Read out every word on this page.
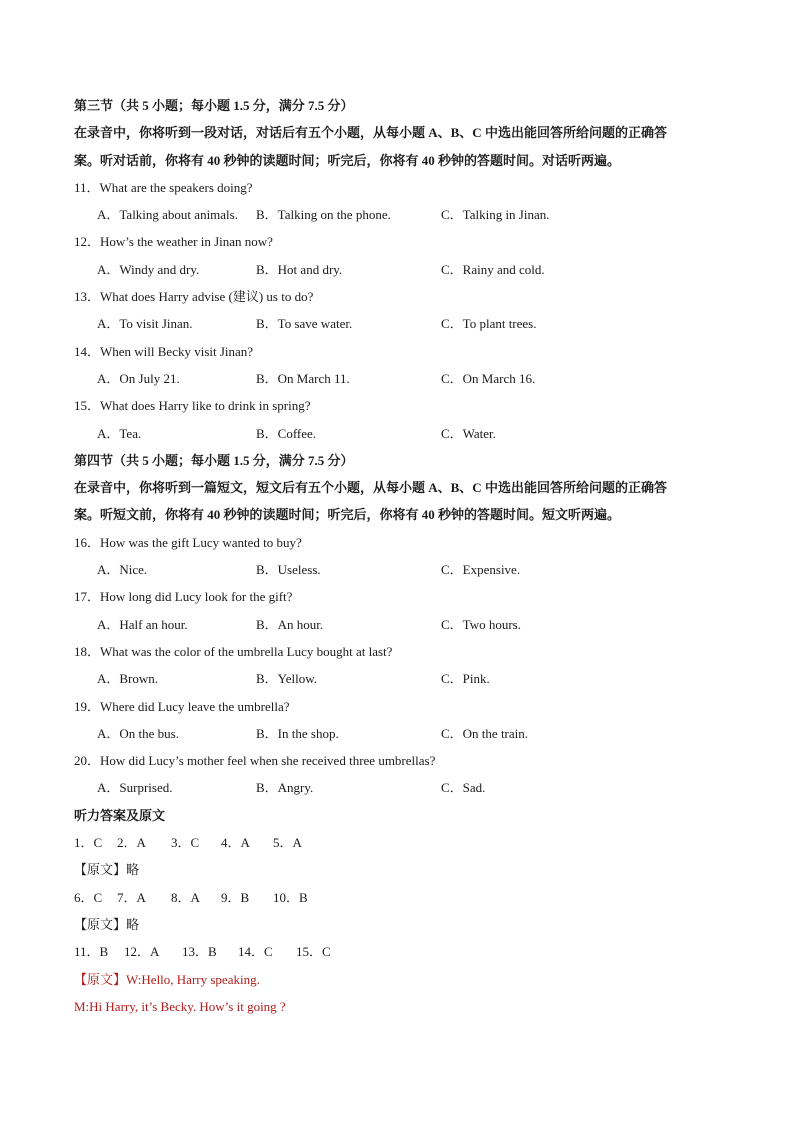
第三节（共 5 小题；每小题 1.5 分，满分 7.5 分）
在录音中，你将听到一段对话，对话后有五个小题，从每小题 A、B、C 中选出能回答所给问题的正确答
案。听对话前，你将有 40 秒钟的读题时间；听完后，你将有 40 秒钟的答题时间。对话听两遍。
11．What are the speakers doing?
A．Talking about animals. B．Talking on the phone.	C．Talking in Jinan.
12．How’s the weather in Jinan now?
A．Windy and dry.	B．Hot and dry.	C．Rainy and cold.
13．What does Harry advise (建议) us to do?
A．To visit Jinan.	B．To save water.	C．To plant trees.
14．When will Becky visit Jinan?
A．On July 21.	B．On March 11.	C．On March 16.
15．What does Harry like to drink in spring?
A．Tea.	B．Coffee.	C．Water.
第四节（共 5 小题；每小题 1.5 分，满分 7.5 分）
在录音中，你将听到一篇短文，短文后有五个小题，从每小题 A、B、C 中选出能回答所给问题的正确答
案。听短文前，你将有 40 秒钟的读题时间；听完后，你将有 40 秒钟的答题时间。短文听两遍。
16．How was the gift Lucy wanted to buy?
A．Nice.	B．Useless.	C．Expensive.
17．How long did Lucy look for the gift?
A．Half an hour.	B．An hour.	C．Two hours.
18．What was the color of the umbrella Lucy bought at last?
A．Brown.	B．Yellow.	C．Pink.
19．Where did Lucy leave the umbrella?
A．On the bus.	B．In the shop.	C．On the train.
20．How did Lucy’s mother feel when she received three umbrellas?
A．Surprised.	B．Angry.	C．Sad.
听力答案及原文
1．C 2．A 3．C 4．A 5．A
【原文】略
6．C 7．A 8．A 9．B 10．B
【原文】略
11．B 12．A 13．B 14．C 15．C
【原文】W:Hello, Harry speaking.
M:Hi Harry, it’s Becky. How’s it going ?
